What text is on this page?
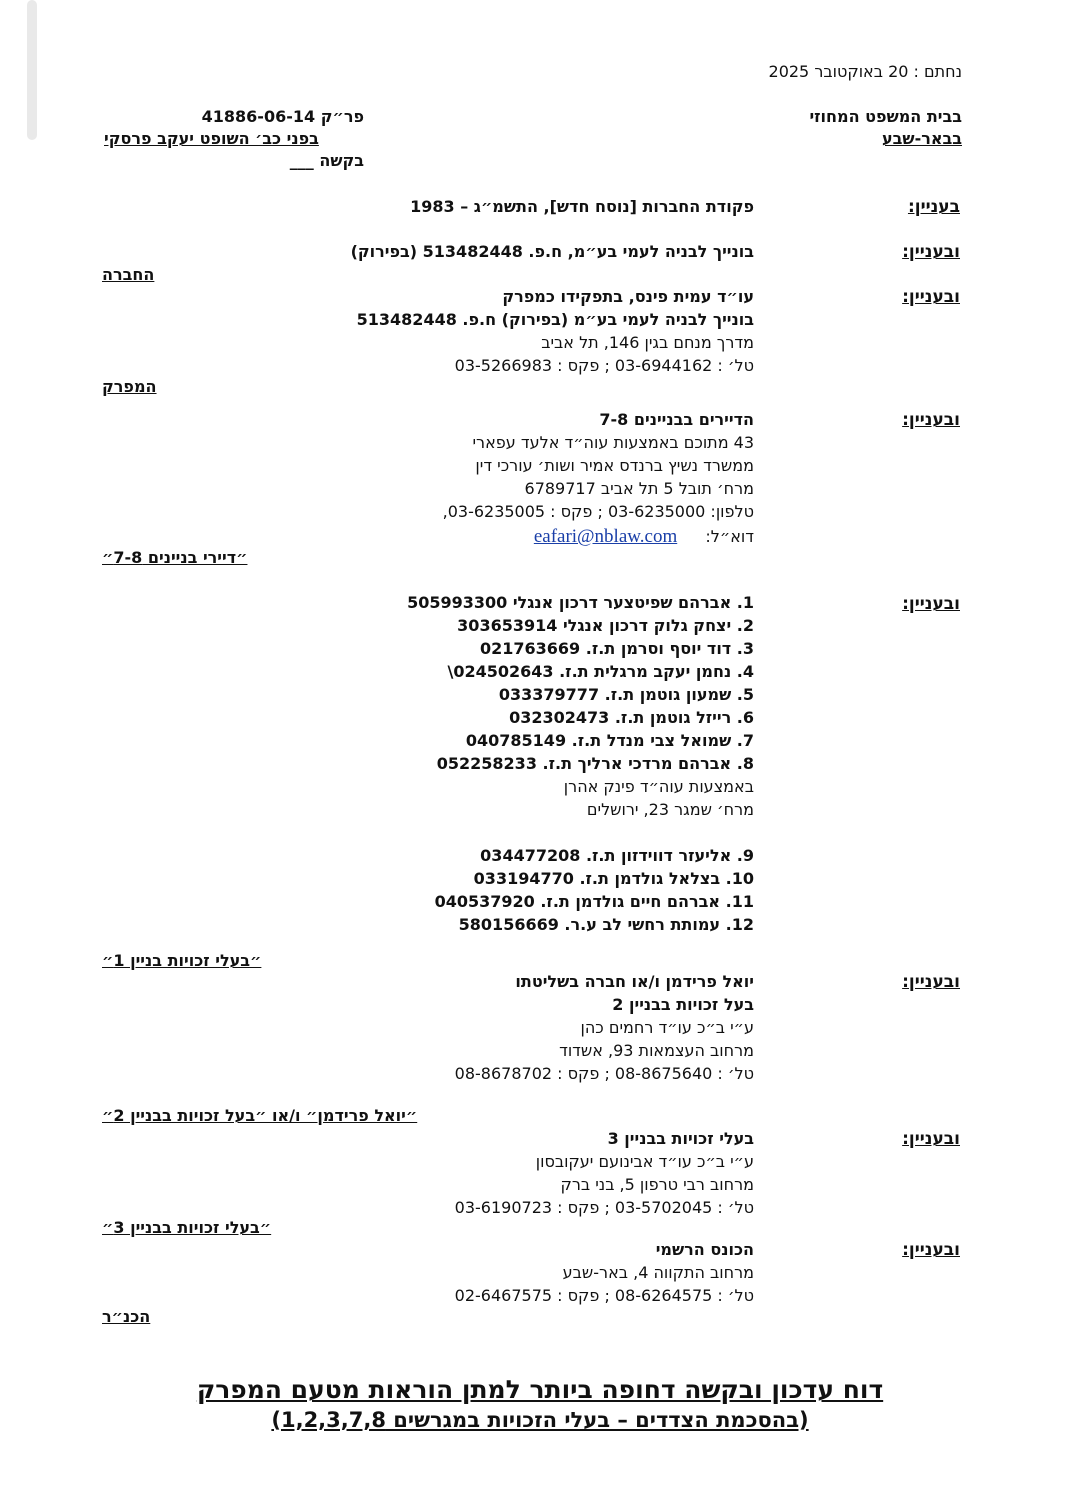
נחתם : 20 באוקטובר 2025
בבית המשפט המחוזי
בבאר-שבע
פר״ק 41886-06-14
בפני כב׳ השופט יעקב פרסקי
בקשה ___
בעניין:
פקודת החברות [נוסח חדש], התשמ״ג – 1983
ובעניין:
בונייך לבניה לעמי בע״מ, ח.פ. 513482448 (בפירוק)
החברה
ובעניין:
עו״ד עמית פינס, בתפקידו כמפרק
בונייך לבניה לעמי בע״מ (בפירוק) ח.פ. 513482448
מדרך מנחם בגין 146, תל אביב
טל׳ : 03-6944162 ; פקס : 03-5266983
המפרק
ובעניין:
הדיירים בבניינים 7-8
43 מתוכם באמצעות עוה״ד אלעד עפארי
ממשרד נשיץ ברנדס אמיר ושות׳ עורכי דין
מרח׳ תובל 5 תל אביב 6789717
טלפון: 03-6235000 ; פקס : 03-6235005,
דוא״ל:  eafari@nblaw.com
״דיירי בניינים 7-8״
ובעניין:
1. אברהם שפיטצער דרכון אנגלי 505993300
2. יצחק גלוק דרכון אנגלי 303653914
3. דוד יוסף וסרמן ת.ז. 021763669
4. נחמן יעקב מרגלית ת.ז. 024502643\
5. שמעון גוטמן ת.ז. 033379777
6. רייזל גוטמן ת.ז. 032302473
7. שמואל צבי מנדל ת.ז. 040785149
8. אברהם מרדכי ארליך ת.ז. 052258233
באמצעות עוה״ד פינק אהרן
מרח׳ שמגר 23, ירושלים
9. אליעזר דווידזון ת.ז. 034477208
10. בצלאל גולדמן ת.ז. 033194770
11. אברהם חיים גולדמן ת.ז. 040537920
12. עמותת רחשי לב ע.ר. 580156669
״בעלי זכויות בניין 1״
ובעניין:
יואל פרידמן ו/או חברה בשליטתו
בעל זכויות בבניין 2
ע״י ב״כ עו״ד רחמים כהן
מרחוב העצמאות 93, אשדוד
טל׳ : 08-8675640 ; פקס : 08-8678702
״יואל פרידמן״ ו/או ״בעל זכויות בבניין 2״
ובעניין:
בעלי זכויות בבניין 3
ע״י ב״כ עו״ד אבינועם יעקובסון
מרחוב רבי טרפון 5, בני ברק
טל׳ : 03-5702045 ; פקס : 03-6190723
״בעלי זכויות בבניין 3״
ובעניין:
הכונס הרשמי
מרחוב התקווה 4, באר-שבע
טל׳ : 08-6264575 ; פקס : 02-6467575
הכנ״ר
דוח עדכון ובקשה דחופה ביותר למתן הוראות מטעם המפרק
(בהסכמת הצדדים – בעלי הזכויות במגרשים 1,2,3,7,8)
